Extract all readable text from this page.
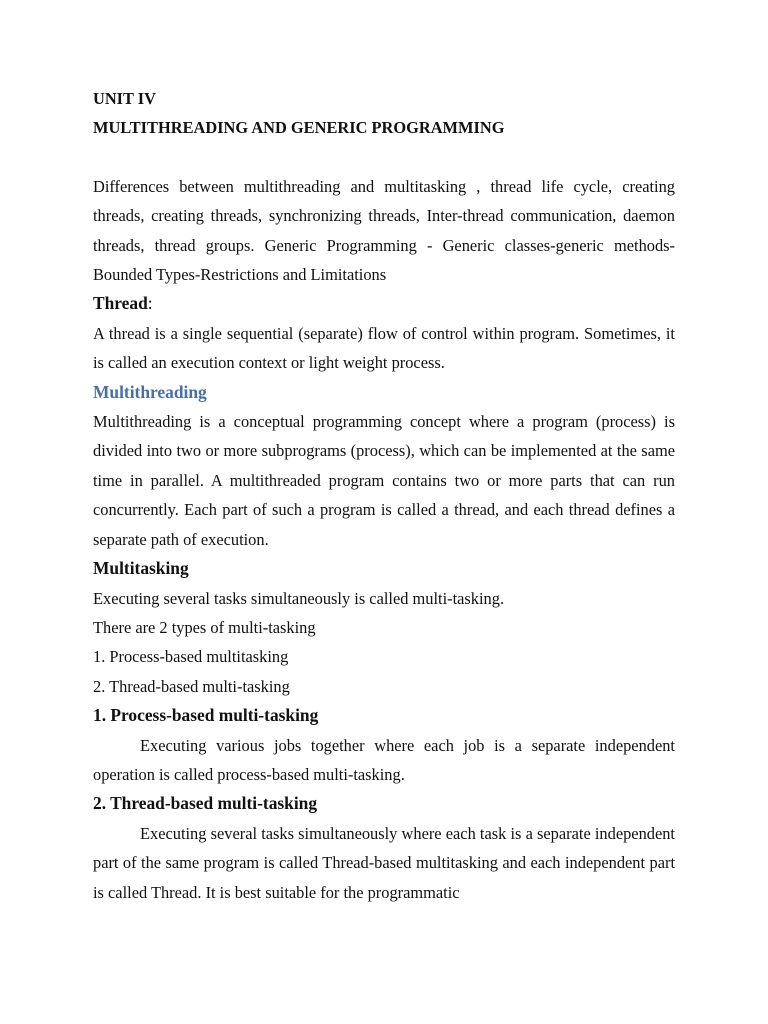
UNIT IV

MULTITHREADING AND GENERIC PROGRAMMING

Differences between multithreading and multitasking , thread life cycle, creating threads, creating threads, synchronizing threads, Inter-thread communication, daemon threads, thread groups. Generic Programming - Generic classes-generic methods-Bounded Types-Restrictions and Limitations

Thread:

A thread is a single sequential (separate) flow of control within program. Sometimes, it is called an execution context or light weight process.

Multithreading

Multithreading is a conceptual programming concept where a program (process) is divided into two or more subprograms (process), which can be implemented at the same time in parallel. A multithreaded program contains two or more parts that can run concurrently. Each part of such a program is called a thread, and each thread defines a separate path of execution.

Multitasking

Executing several tasks simultaneously is called multi-tasking.

There are 2 types of multi-tasking

1. Process-based multitasking

2. Thread-based multi-tasking

1. Process-based multi-tasking

Executing various jobs together where each job is a separate independent operation is called process-based multi-tasking.

2. Thread-based multi-tasking

Executing several tasks simultaneously where each task is a separate independent part of the same program is called Thread-based multitasking and each independent part is called Thread. It is best suitable for the programmatic
